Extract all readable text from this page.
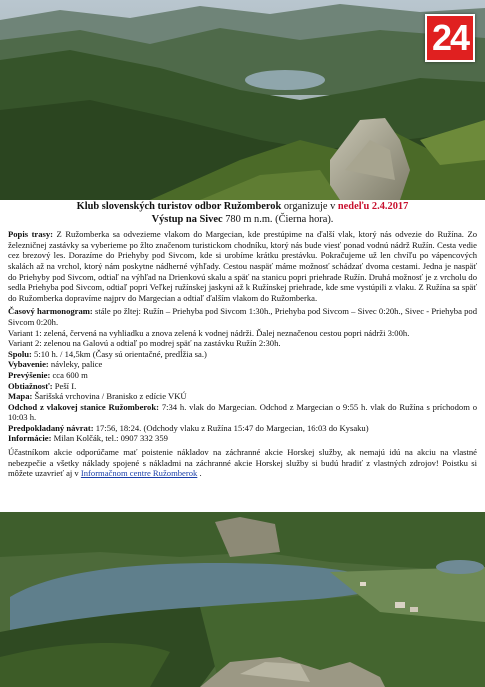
24
Klub slovenských turistov odbor Ružomberok organizuje v nedeľu 2.4.2017
Výstup na Sivec 780 m n.m. (Čierna hora).

Popis trasy: Z Ružomberka sa odvezieme vlakom do Margecian, kde prestúpime na ďalší vlak, ktorý nás odvezie do Ružína. Zo železničnej zastávky sa vyberieme po žlto značenom turistickom chodníku, ktorý nás bude viesť ponad vodnú nádrž Ružín. Cesta vedie cez brezový les. Dorazíme do Priehyby pod Sivcom, kde si urobíme krátku prestávku. Pokračujeme už len chvíľu po vápencových skalách až na vrchol, ktorý nám poskytne nádherné výhľady. Cestou naspäť máme možnosť schádzať dvoma cestami. Jedna je naspäť do Priehyby pod Sivcom, odtiaľ na výhľad na Drienkovú skalu a späť na stanicu popri priehrade Ružín. Druhá možnosť je z vrcholu do sedla Priehyba pod Sivcom, odtiaľ popri Veľkej ružínskej jaskyni až k Ružínskej priehrade, kde sme vystúpili z vlaku. Z Ružína sa späť do Ružomberka dopravíme najprv do Margecian a odtiaľ ďalším vlakom do Ružomberka.

Časový harmonogram: stále po žltej: Ružín – Priehyba pod Sivcom 1:30h., Priehyba pod Sivcom – Sivec 0:20h., Sivec - Priehyba pod Sivcom 0:20h.

Variant 1: zelená, červená na vyhliadku a znova zelená k vodnej nádrži. Ďalej neznačenou cestou popri nádrži 3:00h.

Variant 2: zelenou na Galovú a odtiaľ po modrej späť na zastávku Ružín 2:30h.

Spolu: 5:10 h. / 14,5km (Časy sú orientačné, predĺžia sa.)

Vybavenie: návleky, palice

Prevýšenie: cca 600 m

Obtiažnosť: Peší I.

Mapa: Šarišská vrchovina / Branisko z edície VKÚ

Odchod z vlakovej stanice Ružomberok: 7:34 h. vlak do Margecian. Odchod z Margecian o 9:55 h. vlak do Ružína s príchodom o 10:03 h.

Predpokladaný návrat: 17:56, 18:24. (Odchody vlaku z Ružína 15:47 do Margecian, 16:03 do Kysaku)

Informácie: Milan Kolčák, tel.: 0907 332 359

Účastníkom akcie odporúčame mať poistenie nákladov na záchranné akcie Horskej služby, ak nemajú idú na akciu na vlastné nebezpečie a všetky náklady spojené s nákladmi na záchranné akcie Horskej služby si budú hradiť z vlastných zdrojov! Poistku si môžete uzavrieť aj v Informačnom centre Ružomberok .
